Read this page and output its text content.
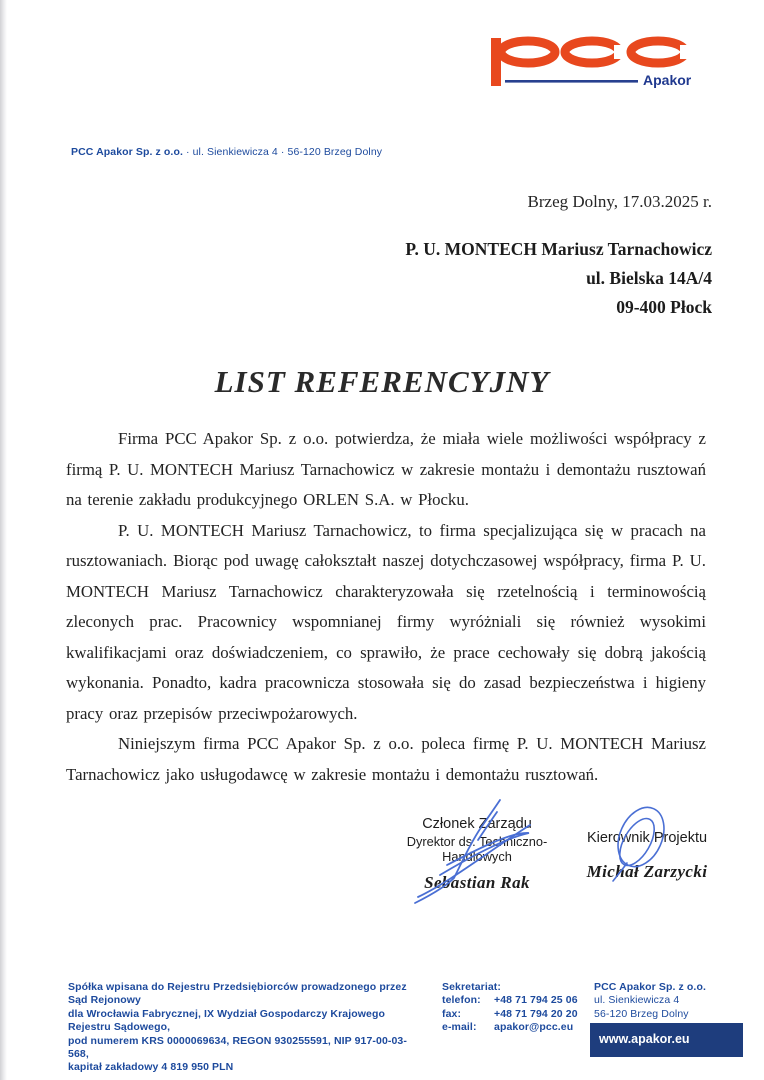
Apakor
PCC Apakor Sp. z o.o. · ul. Sienkiewicza 4 · 56-120 Brzeg Dolny
Brzeg Dolny, 17.03.2025 r.
P. U. MONTECH Mariusz Tarnachowicz
ul. Bielska 14A/4
09-400 Płock
LIST REFERENCYJNY

Firma PCC Apakor Sp. z o.o. potwierdza, że miała wiele możliwości współpracy z firmą P. U. MONTECH Mariusz Tarnachowicz w zakresie montażu i demontażu rusztowań na terenie zakładu produkcyjnego ORLEN S.A. w Płocku.

P. U. MONTECH Mariusz Tarnachowicz, to firma specjalizująca się w pracach na rusztowaniach. Biorąc pod uwagę całokształt naszej dotychczasowej współpracy, firma P. U. MONTECH Mariusz Tarnachowicz charakteryzowała się rzetelnością i terminowością zleconych prac. Pracownicy wspomnianej firmy wyróżniali się również wysokimi kwalifikacjami oraz doświadczeniem, co sprawiło, że prace cechowały się dobrą jakością wykonania. Ponadto, kadra pracownicza stosowała się do zasad bezpieczeństwa i higieny pracy oraz przepisów przeciwpożarowych.

Niniejszym firma PCC Apakor Sp. z o.o. poleca firmę P. U. MONTECH Mariusz Tarnachowicz jako usługodawcę w zakresie montażu i demontażu rusztowań.

Członek Zarządu
Dyrektor ds. Techniczno-Handlowych
Sebastian Rak
Kierownik Projektu
Michał Zarzycki
Spółka wpisana do Rejestru Przedsiębiorców prowadzonego przez Sąd Rejonowy
dla Wrocławia Fabrycznej, IX Wydział Gospodarczy Krajowego Rejestru Sądowego,
pod numerem KRS 0000069634, REGON 930255591, NIP 917-00-03-568,
kapitał zakładowy 4 819 950 PLN
Sekretariat:
telefon: +48 71 794 25 06
fax:	+48 71 794 20 20
e-mail: apakor@pcc.eu
PCC Apakor Sp. z o.o.
ul. Sienkiewicza 4
56-120 Brzeg Dolny
www.apakor.eu
